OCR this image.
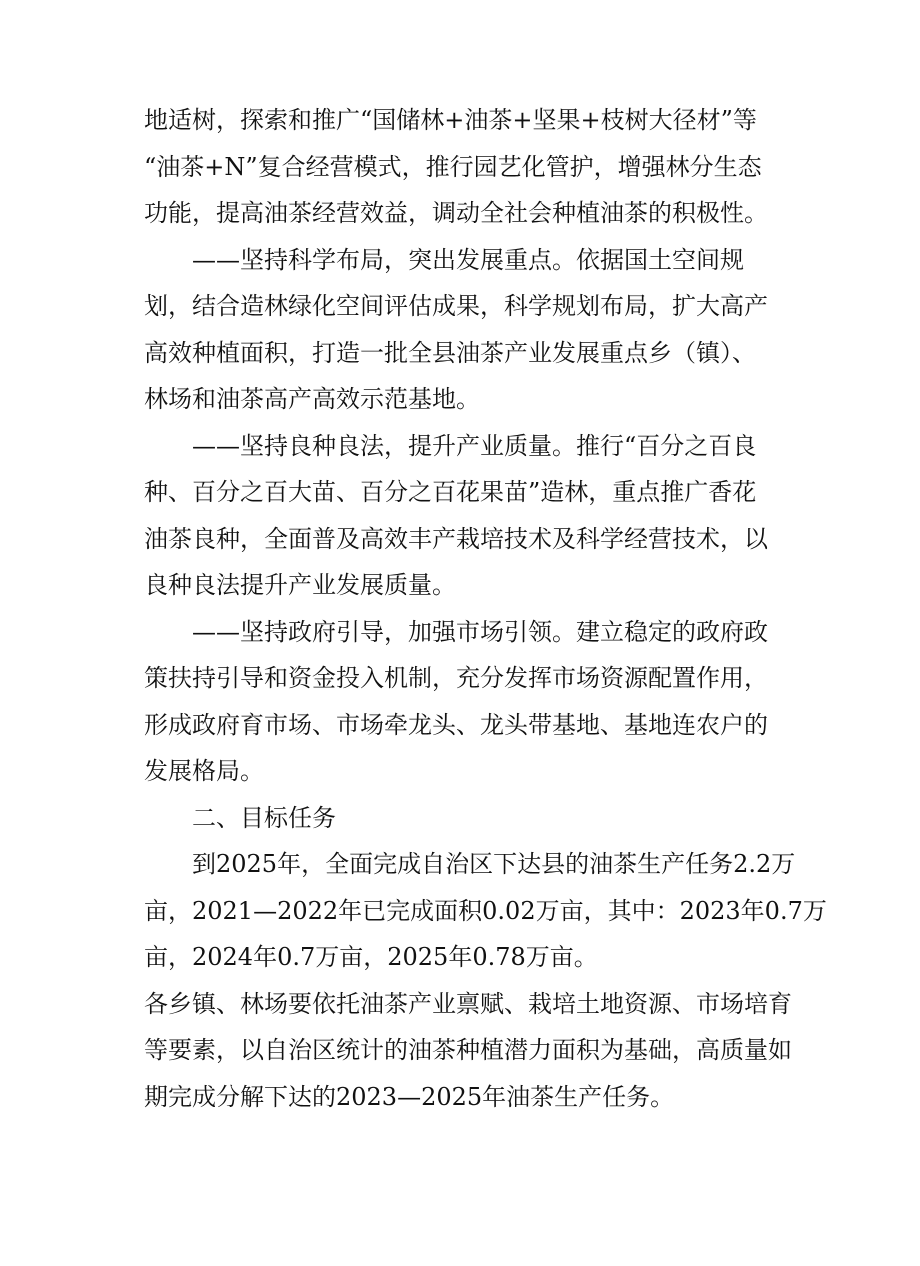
地适树，探索和推广“国储林+油茶+坚果+枝树大径材”等
“油茶+N”复合经营模式，推行园艺化管护，增强林分生态
功能，提高油茶经营效益，调动全社会种植油茶的积极性。
——坚持科学布局，突出发展重点。依据国土空间规
划，结合造林绿化空间评估成果，科学规划布局，扩大高产
高效种植面积，打造一批全县油茶产业发展重点乡（镇）、
林场和油茶高产高效示范基地。
——坚持良种良法，提升产业质量。推行“百分之百良
种、百分之百大苗、百分之百花果苗”造林，重点推广香花
油茶良种，全面普及高效丰产栽培技术及科学经营技术，以
良种良法提升产业发展质量。
——坚持政府引导，加强市场引领。建立稳定的政府政
策扶持引导和资金投入机制，充分发挥市场资源配置作用，
形成政府育市场、市场牵龙头、龙头带基地、基地连农户的
发展格局。
二、目标任务
到2025年，全面完成自治区下达县的油茶生产任务2.2万
亩，2021—2022年已完成面积0.02万亩，其中：2023年0.7万
亩，2024年0.7万亩，2025年0.78万亩。
各乡镇、林场要依托油茶产业禀赋、栽培土地资源、市场培育
等要素，以自治区统计的油茶种植潜力面积为基础，高质量如
期完成分解下达的2023—2025年油茶生产任务。
